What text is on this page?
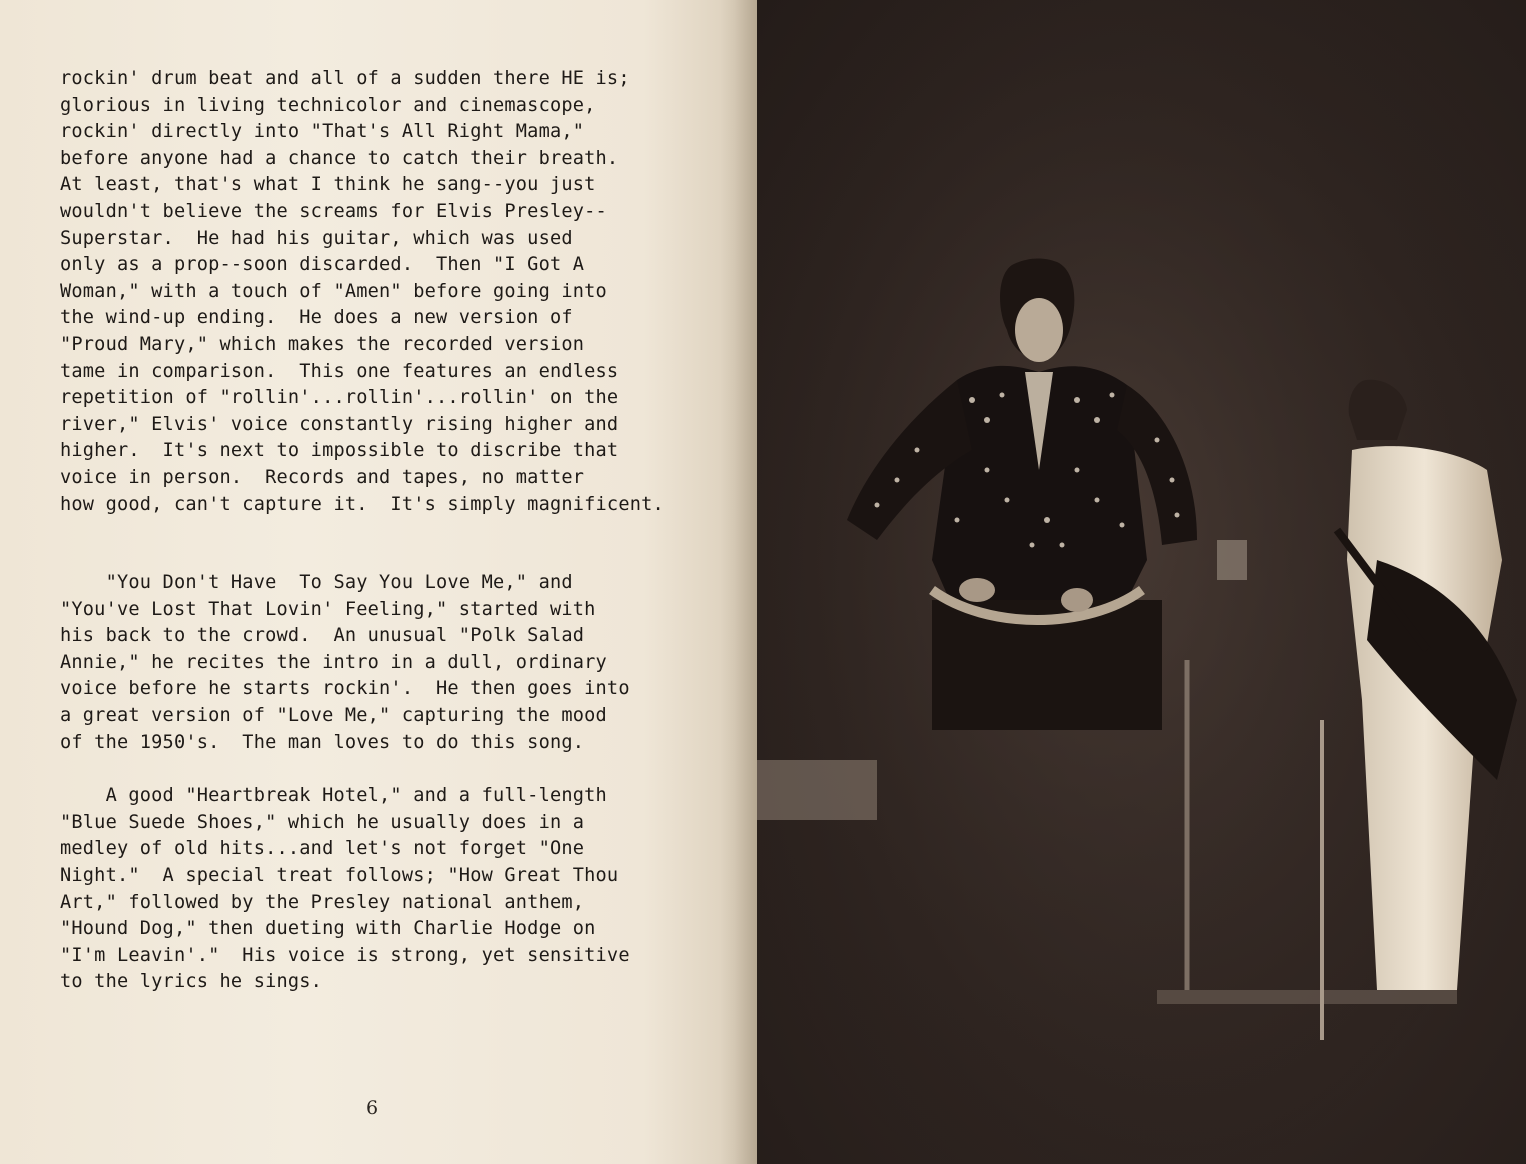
rockin' drum beat and all of a sudden there HE is;
glorious in living technicolor and cinemascope,
rockin' directly into "That's All Right Mama,"
before anyone had a chance to catch their breath.
At least, that's what I think he sang--you just
wouldn't believe the screams for Elvis Presley--
Superstar.  He had his guitar, which was used
only as a prop--soon discarded.  Then "I Got A
Woman," with a touch of "Amen" before going into
the wind-up ending.  He does a new version of
"Proud Mary," which makes the recorded version
tame in comparison.  This one features an endless
repetition of "rollin'...rollin'...rollin' on the
river," Elvis' voice constantly rising higher and
higher.  It's next to impossible to discribe that
voice in person.  Records and tapes, no matter
how good, can't capture it.  It's simply magnificent.
"You Don't Have  To Say You Love Me," and
"You've Lost That Lovin' Feeling," started with
his back to the crowd.  An unusual "Polk Salad
Annie," he recites the intro in a dull, ordinary
voice before he starts rockin'.  He then goes into
a great version of "Love Me," capturing the mood
of the 1950's.  The man loves to do this song.
A good "Heartbreak Hotel," and a full-length
"Blue Suede Shoes," which he usually does in a
medley of old hits...and let's not forget "One
Night."  A special treat follows; "How Great Thou
Art," followed by the Presley national anthem,
"Hound Dog," then dueting with Charlie Hodge on
"I'm Leavin'."  His voice is strong, yet sensitive
to the lyrics he sings.
6
